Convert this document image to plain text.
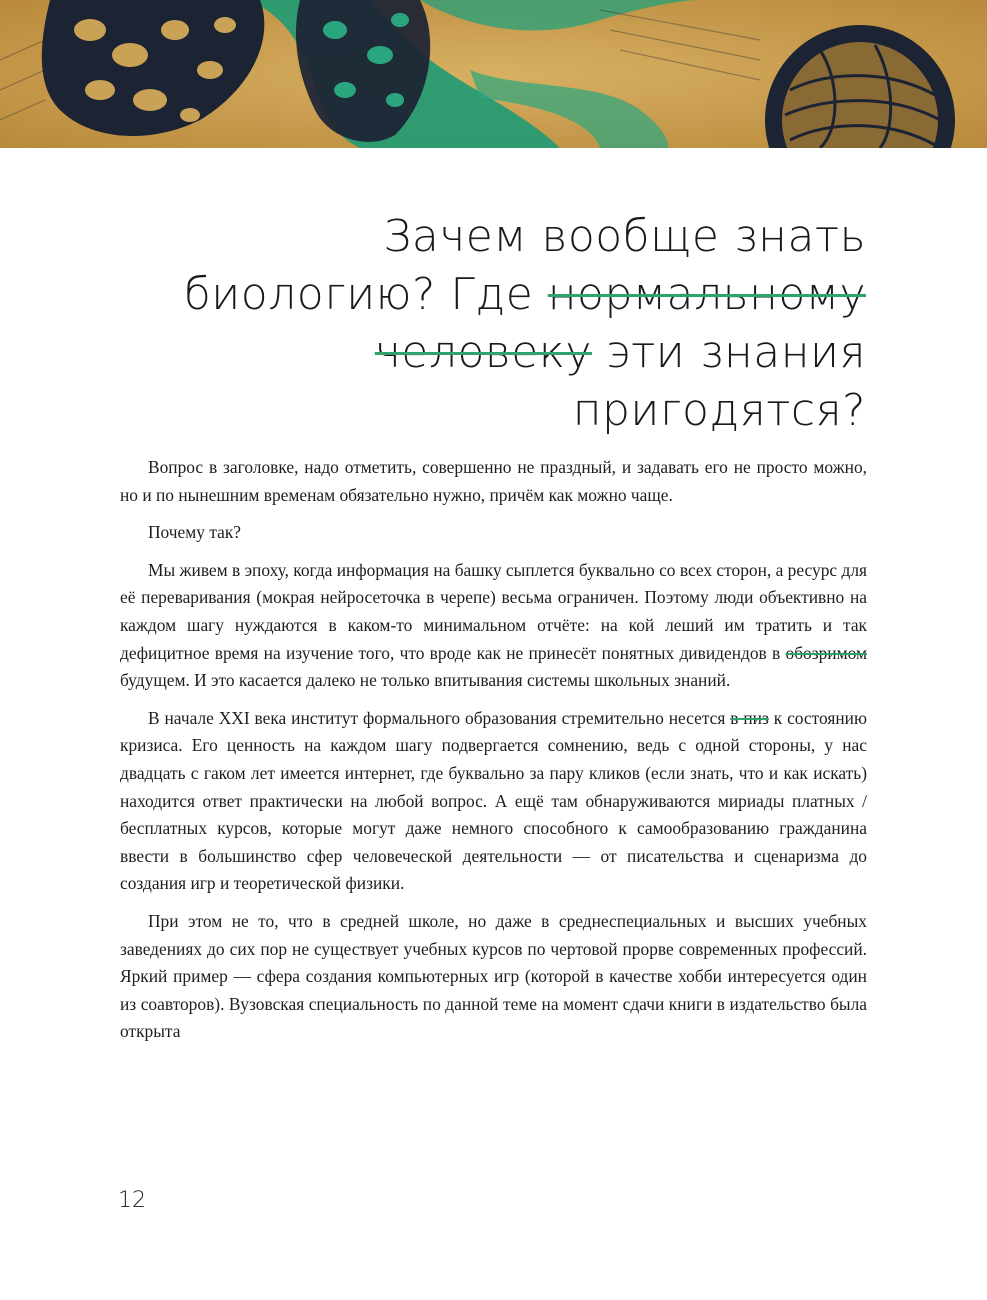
Зачем вообще знать
биологию? Где нормальному
человеку эти знания
пригодятся?

Вопрос в заголовке, надо отметить, совершенно не праздный, и задавать его не просто можно, но и по нынешним временам обязательно нужно, причём как можно чаще.

Почему так?

Мы живем в эпоху, когда информация на башку сыплется буквально со всех сторон, а ресурс для её переваривания (мокрая нейросеточка в черепе) весьма ограничен. Поэтому люди объективно на каждом шагу нуждаются в каком-то минимальном отчёте: на кой леший им тратить и так дефицитное время на изучение того, что вроде как не принесёт понятных дивидендов в обозримом будущем. И это касается далеко не только впитывания системы школьных знаний.

В начале XXI века институт формального образования стремительно несется в пиз к состоянию кризиса. Его ценность на каждом шагу подвергается сомнению, ведь с одной стороны, у нас двадцать с гаком лет имеется интернет, где буквально за пару кликов (если знать, что и как искать) находится ответ практически на любой вопрос. А ещё там обнаруживаются мириады платных / бесплатных курсов, которые могут даже немного способного к самообразованию гражданина ввести в большинство сфер человеческой деятельности — от писательства и сценаризма до создания игр и теоретической физики.

При этом не то, что в средней школе, но даже в среднеспециальных и высших учебных заведениях до сих пор не существует учебных курсов по чертовой прорве современных профессий. Яркий пример — сфера создания компьютерных игр (которой в качестве хобби интересуется один из соавторов). Вузовская специальность по данной теме на момент сдачи книги в издательство была открыта

12
